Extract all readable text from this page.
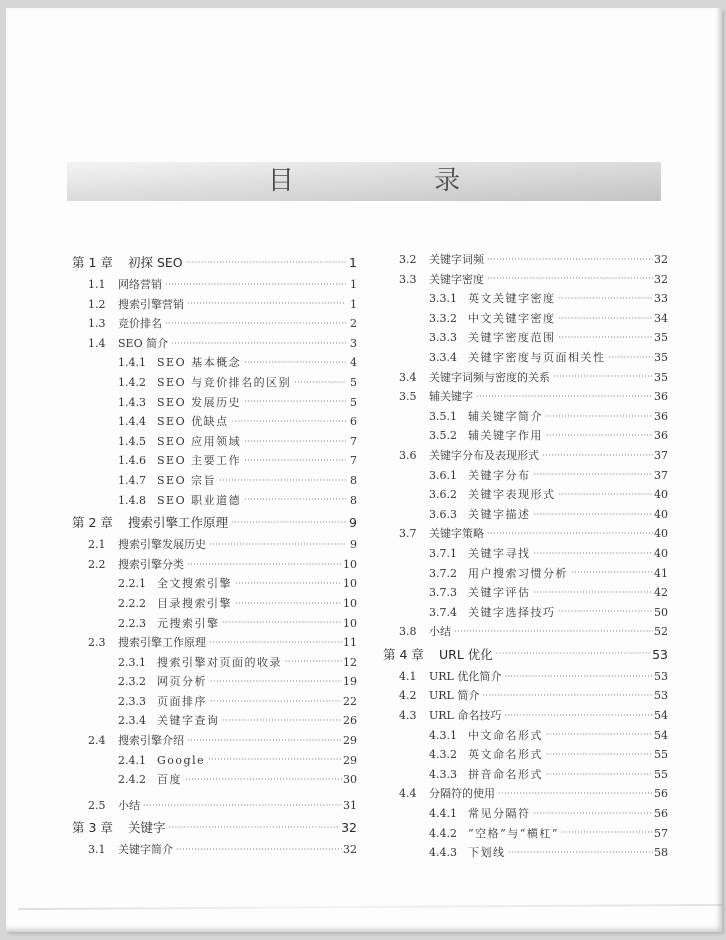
目 录
第 1 章	初探 SEO ·····	1
1.1	网络营销 ·····	1
1.2	搜索引擎营销 ·····	1
1.3	竞价排名 ·····	2
1.4	SEO 简介 ·····	3
1.4.1	SEO 基本概念 ·····	4
1.4.2	SEO 与竞价排名的区别 ·····	5
1.4.3	SEO 发展历史 ·····	5
1.4.4	SEO 优缺点 ·····	6
1.4.5	SEO 应用领域 ·····	7
1.4.6	SEO 主要工作 ·····	7
1.4.7	SEO 宗旨 ·····	8
1.4.8	SEO 职业道德 ·····	8
第 2 章	搜索引擎工作原理 ·····	9
2.1	搜索引擎发展历史 ·····	9
2.2	搜索引擎分类 ·····	10
2.2.1	全文搜索引擎 ·····	10
2.2.2	目录搜索引擎 ·····	10
2.2.3	元搜索引擎 ·····	10
2.3	搜索引擎工作原理 ·····	11
2.3.1	搜索引擎对页面的收录 ·····	12
2.3.2	网页分析 ·····	19
2.3.3	页面排序 ·····	22
2.3.4	关键字查询 ·····	26
2.4	搜索引擎介绍 ·····	29
2.4.1	Google ·····	29
2.4.2	百度 ·····	30
2.5	小结 ·····	31
第 3 章	关键字 ·····	32
3.1	关键字简介 ·····	32
3.2	关键字词频 ·····	32
3.3	关键字密度 ·····	32
3.3.1	英文关键字密度 ·····	33
3.3.2	中文关键字密度 ·····	34
3.3.3	关键字密度范围 ·····	35
3.3.4	关键字密度与页面相关性 ·····	35
3.4	关键字词频与密度的关系 ·····	35
3.5	辅关键字 ·····	36
3.5.1	辅关键字简介 ·····	36
3.5.2	辅关键字作用 ·····	36
3.6	关键字分布及表现形式 ·····	37
3.6.1	关键字分布 ·····	37
3.6.2	关键字表现形式 ·····	40
3.6.3	关键字描述 ·····	40
3.7	关键字策略 ·····	40
3.7.1	关键字寻找 ·····	40
3.7.2	用户搜索习惯分析 ·····	41
3.7.3	关键字评估 ·····	42
3.7.4	关键字选择技巧 ·····	50
3.8	小结 ·····	52
第 4 章	URL 优化 ·····	53
4.1	URL 优化简介 ·····	53
4.2	URL 简介 ·····	53
4.3	URL 命名技巧 ·····	54
4.3.1	中文命名形式 ·····	54
4.3.2	英文命名形式 ·····	55
4.3.3	拼音命名形式 ·····	55
4.4	分隔符的使用 ·····	56
4.4.1	常见分隔符 ·····	56
4.4.2	“空格”与“横杠” ·····	57
4.4.3	下划线 ·····	58
